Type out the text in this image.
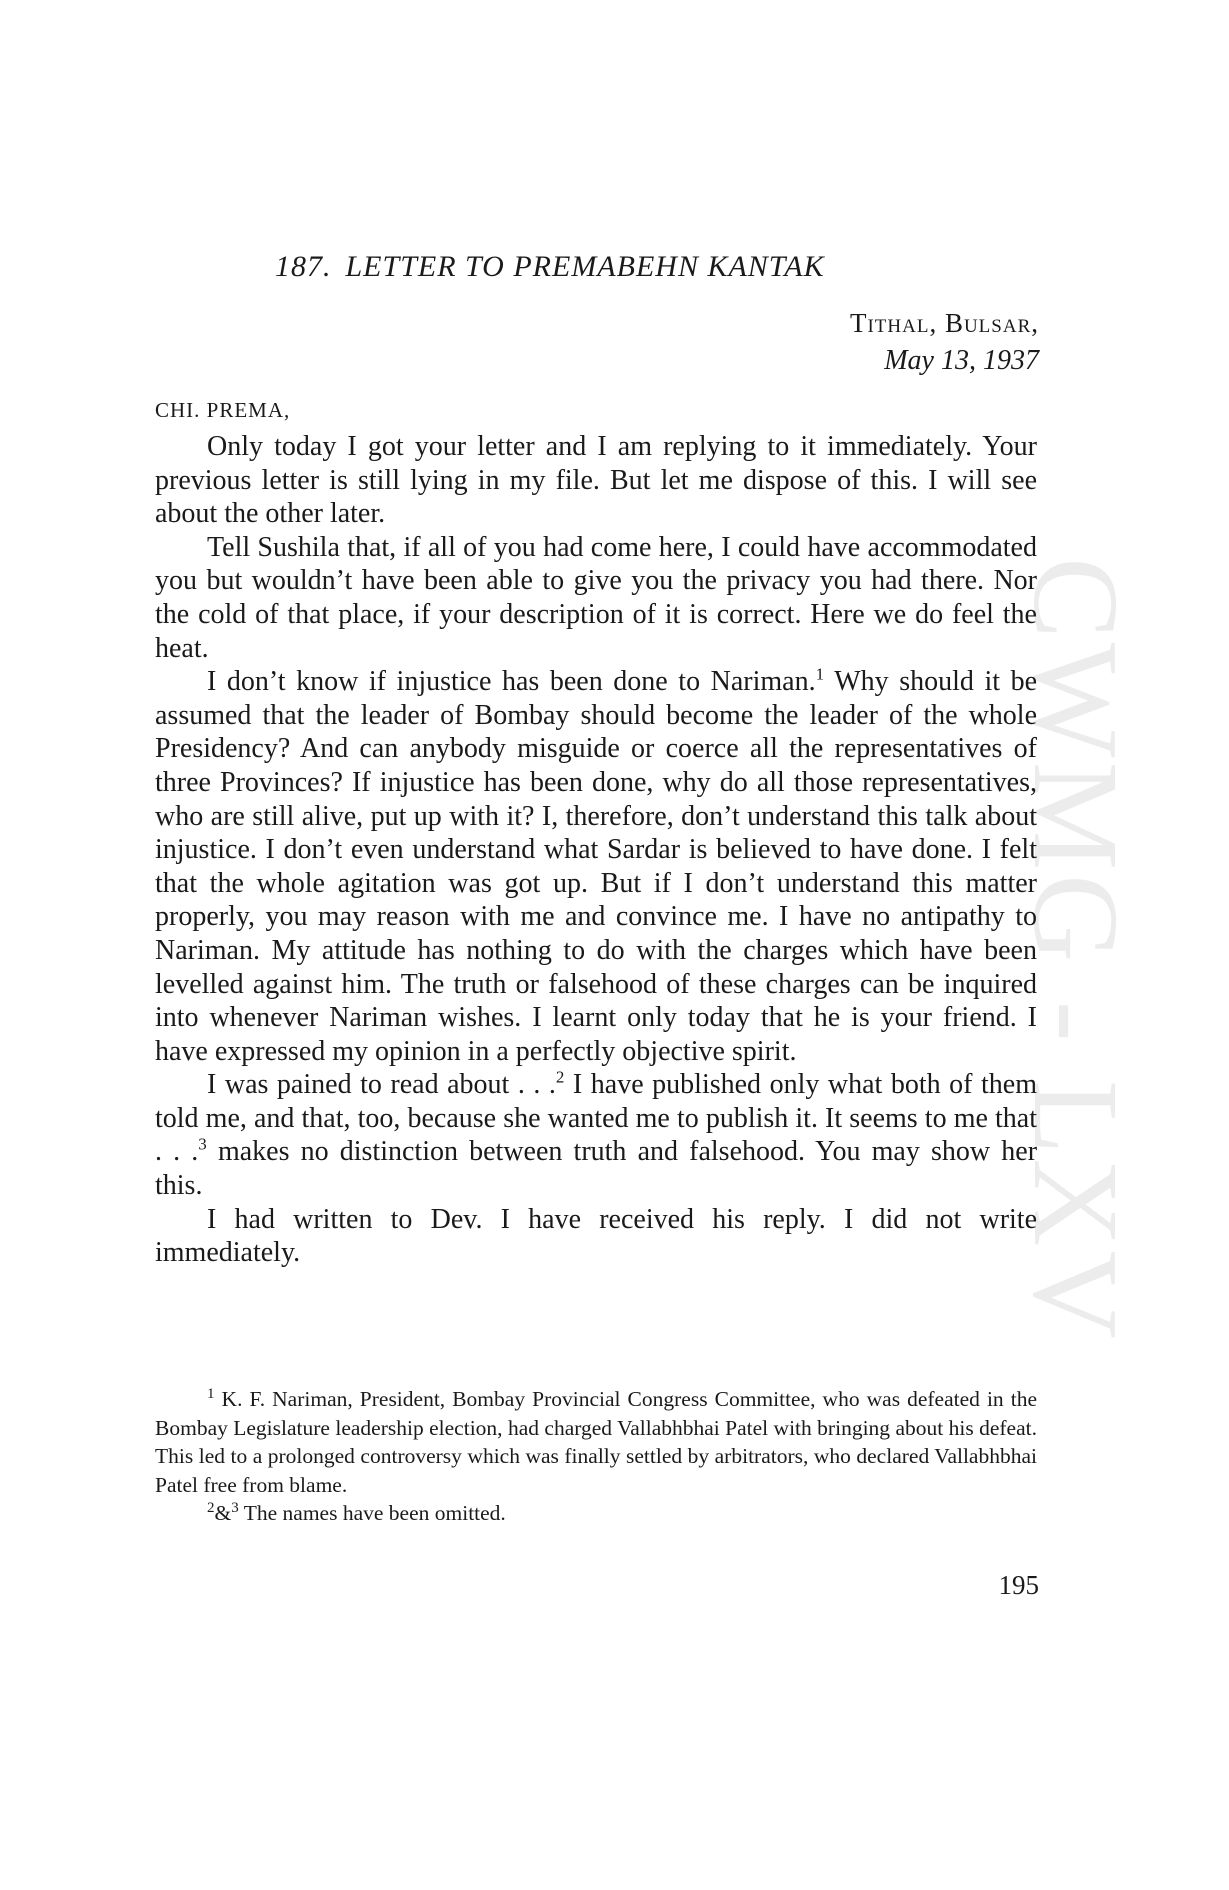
CWMG - LXV
187. LETTER TO PREMABEHN KANTAK
Tithal, Bulsar,
May 13, 1937
CHI. PREMA,

Only today I got your letter and I am replying to it immediately. Your previous letter is still lying in my file. But let me dispose of this. I will see about the other later.

Tell Sushila that, if all of you had come here, I could have accommodated you but wouldn’t have been able to give you the privacy you had there. Nor the cold of that place, if your description of it is correct. Here we do feel the heat.

I don’t know if injustice has been done to Nariman.$^1$ Why should it be assumed that the leader of Bombay should become the leader of the whole Presidency? And can anybody misguide or coerce all the representatives of three Provinces? If injustice has been done, why do all those representatives, who are still alive, put up with it? I, therefore, don’t understand this talk about injustice. I don’t even understand what Sardar is believed to have done. I felt that the whole agitation was got up. But if I don’t understand this matter properly, you may reason with me and convince me. I have no antipathy to Nariman. My attitude has nothing to do with the charges which have been levelled against him. The truth or falsehood of these charges can be inquired into whenever Nariman wishes. I learnt only today that he is your friend. I have expressed my opinion in a perfectly objective spirit.

I was pained to read about . . .$^2$ I have published only what both of them told me, and that, too, because she wanted me to publish it. It seems to me that . . .$^3$ makes no distinction between truth and falsehood. You may show her this.

I had written to Dev. I have received his reply. I did not write immediately.

$^1$ K. F. Nariman, President, Bombay Provincial Congress Committee, who was defeated in the Bombay Legislature leadership election, had charged Vallabhbhai Patel with bringing about his defeat. This led to a prolonged controversy which was finally settled by arbitrators, who declared Vallabhbhai Patel free from blame.

$^2$&$^3$ The names have been omitted.

195
